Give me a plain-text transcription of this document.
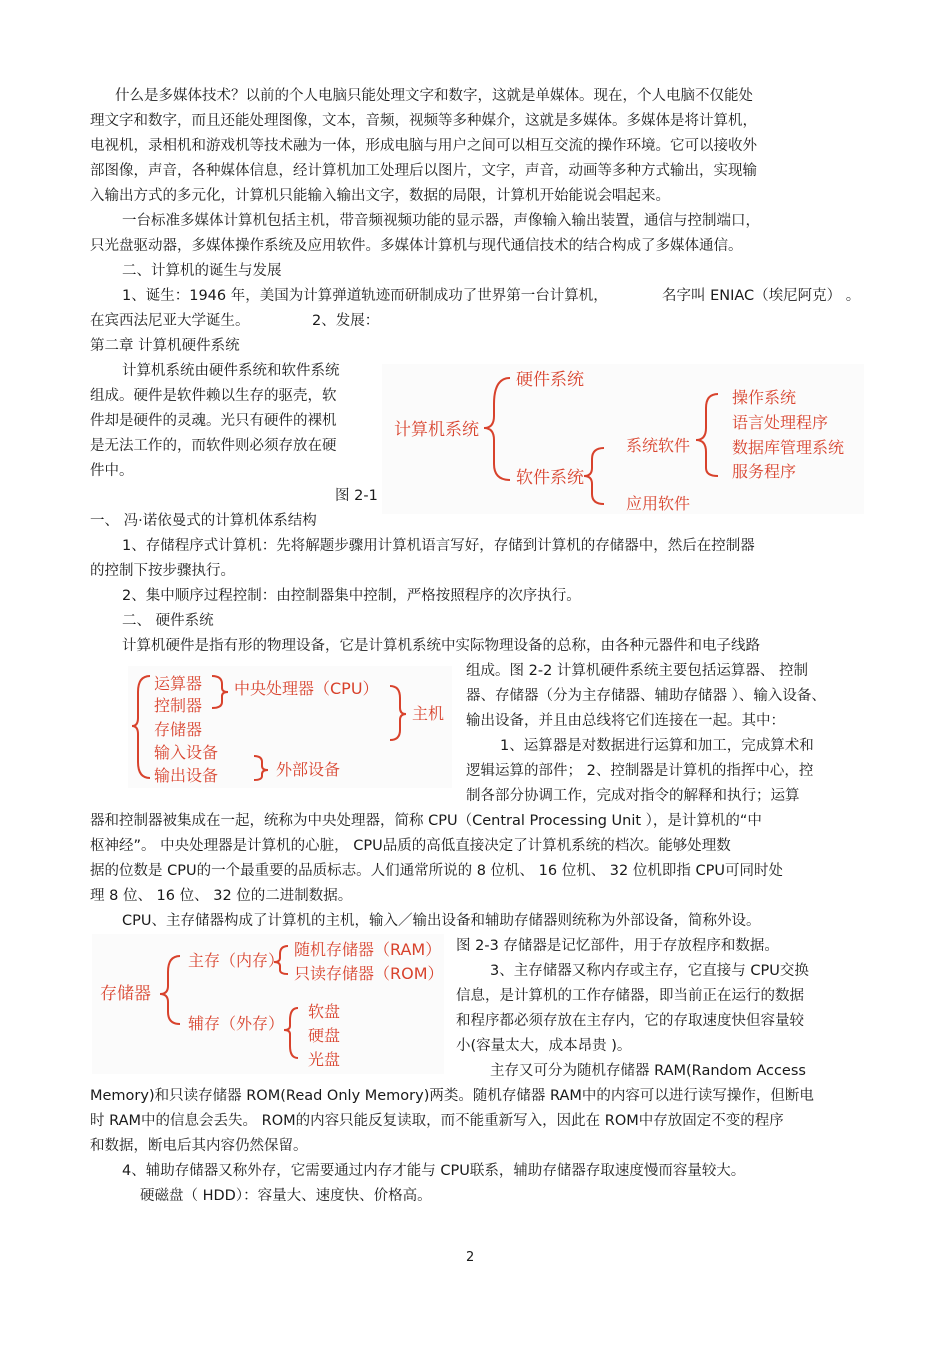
什么是多媒体技术？以前的个人电脑只能处理文字和数字，这就是单媒体。现在，个人电脑不仅能处
理文字和数字，而且还能处理图像，文本，音频，视频等多种媒介，这就是多媒体。多媒体是将计算机，
电视机，录相机和游戏机等技术融为一体，形成电脑与用户之间可以相互交流的操作环境。它可以接收外
部图像，声音，各种媒体信息，经计算机加工处理后以图片，文字，声音，动画等多种方式输出，实现输
入输出方式的多元化，计算机只能输入输出文字，数据的局限，计算机开始能说会唱起来。
一台标准多媒体计算机包括主机，带音频视频功能的显示器，声像输入输出装置，通信与控制端口，
只光盘驱动器，多媒体操作系统及应用软件。多媒体计算机与现代通信技术的结合构成了多媒体通信。
二、计算机的诞生与发展
1、诞生：1946 年，美国为计算弹道轨迹而研制成功了世界第一台计算机，	名字叫 ENIAC（埃尼阿克） 。
在宾西法尼亚大学诞生。	2、发展：
第二章 计算机硬件系统
计算机系统由硬件系统和软件系统
组成。硬件是软件赖以生存的驱壳，软
件却是硬件的灵魂。光只有硬件的裸机
是无法工作的，而软件则必须存放在硬
件中。
图 2-1
计算机系统
硬件系统
软件系统
系统软件
应用软件
操作系统
语言处理程序
数据库管理系统
服务程序
一、 冯·诺依曼式的计算机体系结构
1、存储程序式计算机：先将解题步骤用计算机语言写好，存储到计算机的存储器中，然后在控制器
的控制下按步骤执行。
2、集中顺序过程控制：由控制器集中控制，严格按照程序的次序执行。
二、 硬件系统
计算机硬件是指有形的物理设备，它是计算机系统中实际物理设备的总称，由各种元器件和电子线路
组成。图 2-2 计算机硬件系统主要包括运算器、 控制
器、存储器（分为主存储器、辅助存储器 ）、输入设备、
输出设备，并且由总线将它们连接在一起。其中：
1、运算器是对数据进行运算和加工，完成算术和
逻辑运算的部件； 2、控制器是计算机的指挥中心，控
制各部分协调工作，完成对指令的解释和执行；运算
运算器
控制器
存储器
输入设备
输出设备
中央处理器（CPU）
主机
外部设备
器和控制器被集成在一起，统称为中央处理器，简称 CPU（Central Processing Unit ），是计算机的“中
枢神经”。 中央处理器是计算机的心脏， CPU品质的高低直接决定了计算机系统的档次。能够处理数
据的位数是 CPU的一个最重要的品质标志。人们通常所说的 8 位机、 16 位机、 32 位机即指 CPU可同时处
理 8 位、 16 位、 32 位的二进制数据。
CPU、主存储器构成了计算机的主机，输入／输出设备和辅助存储器则统称为外部设备，简称外设。
图 2-3 存储器是记忆部件，用于存放程序和数据。
3、主存储器又称内存或主存，它直接与 CPU交换
信息，是计算机的工作存储器，即当前正在运行的数据
和程序都必须存放在主存内，它的存取速度快但容量较
小(容量太大，成本昂贵 )。
主存又可分为随机存储器 RAM(Random Access
存储器
主存（内存）
辅存（外存）
随机存储器（RAM）
只读存储器（ROM）
软盘
硬盘
光盘
Memory)和只读存储器 ROM(Read Only Memory)两类。随机存储器 RAM中的内容可以进行读写操作，但断电
时 RAM中的信息会丢失。 ROM的内容只能反复读取，而不能重新写入，因此在 ROM中存放固定不变的程序
和数据，断电后其内容仍然保留。
4、辅助存储器又称外存，它需要通过内存才能与 CPU联系，辅助存储器存取速度慢而容量较大。
硬磁盘（ HDD）：容量大、速度快、价格高。
2
